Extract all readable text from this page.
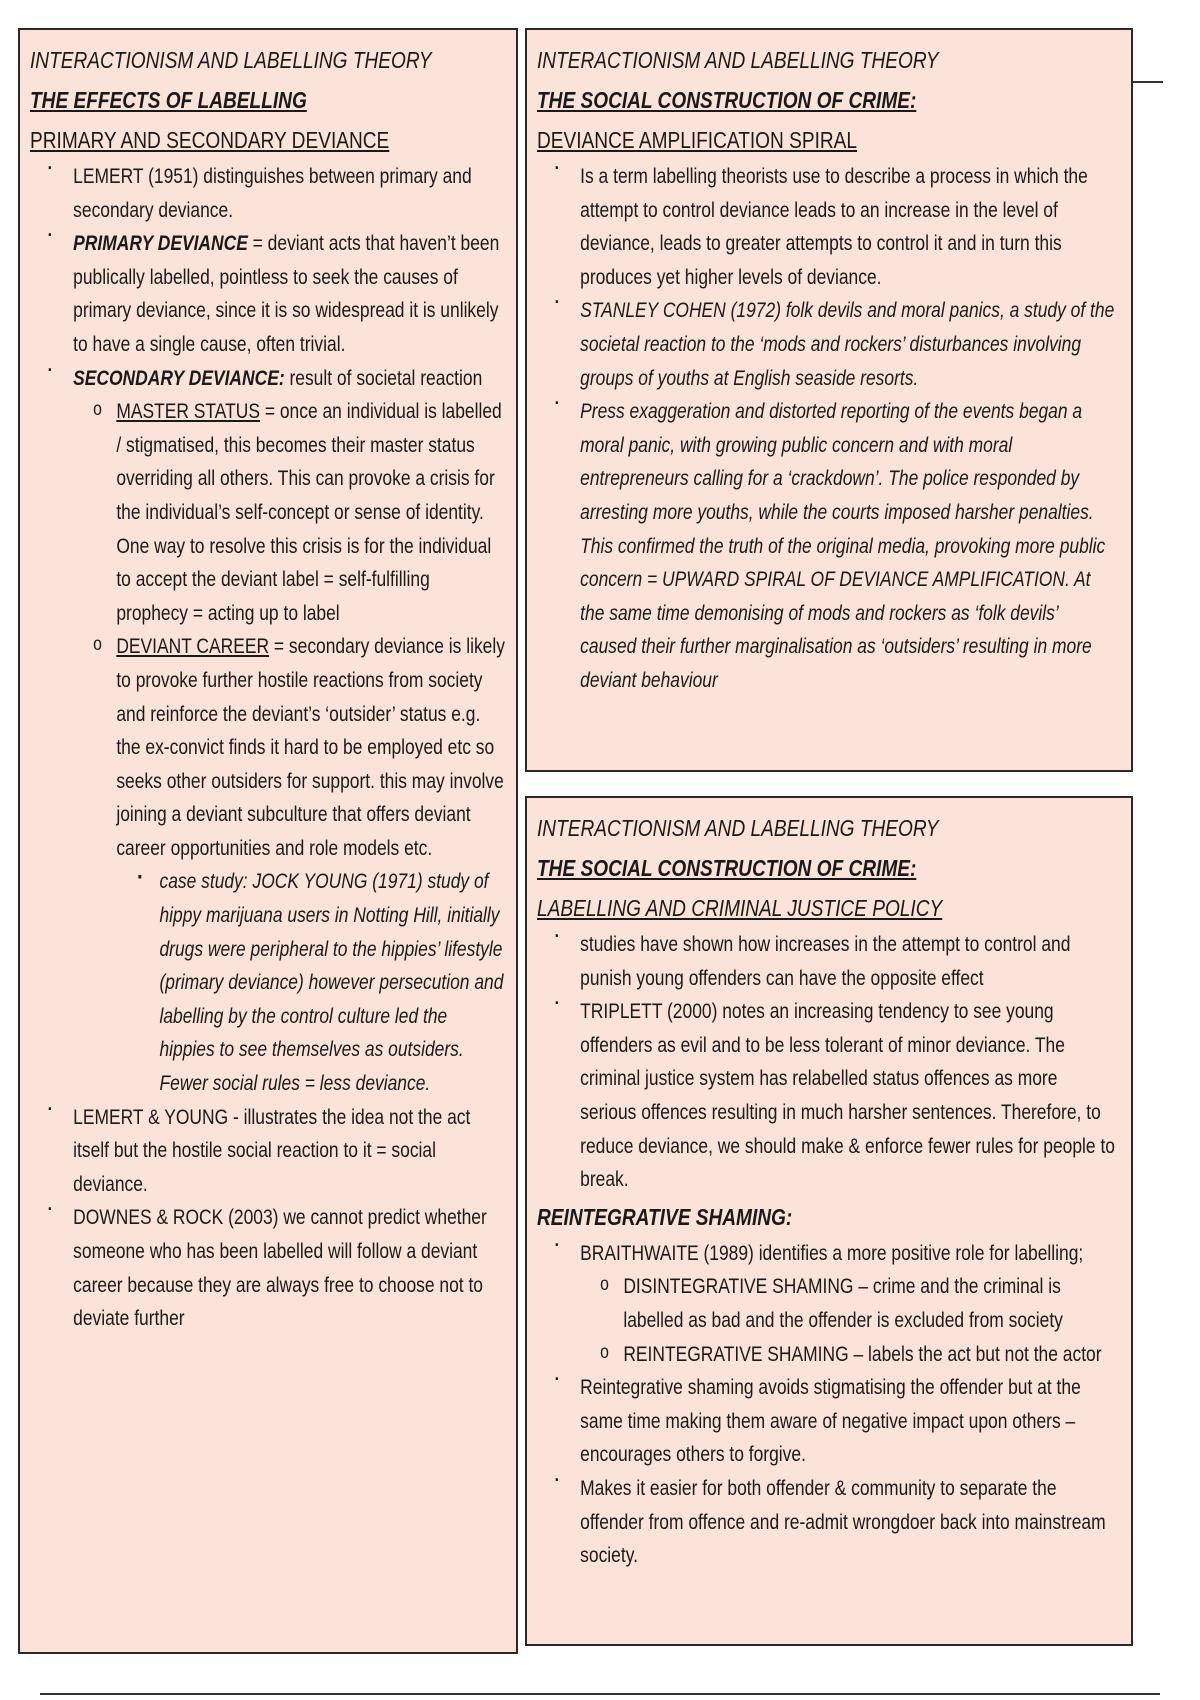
INTERACTIONISM AND LABELLING THEORY
THE EFFECTS OF LABELLING
PRIMARY AND SECONDARY DEVIANCE
▪ LEMERT (1951) distinguishes between primary and secondary deviance.
▪ PRIMARY DEVIANCE = deviant acts that haven’t been publically labelled, pointless to seek the causes of primary deviance, since it is so widespread it is unlikely to have a single cause, often trivial.
▪ SECONDARY DEVIANCE: result of societal reaction
o MASTER STATUS = once an individual is labelled / stigmatised, this becomes their master status overriding all others. This can provoke a crisis for the individual’s self-concept or sense of identity. One way to resolve this crisis is for the individual to accept the deviant label = self-fulfilling prophecy = acting up to label
o DEVIANT CAREER = secondary deviance is likely to provoke further hostile reactions from society and reinforce the deviant’s ‘outsider’ status e.g. the ex-convict finds it hard to be employed etc so seeks other outsiders for support. this may involve joining a deviant subculture that offers deviant career opportunities and role models etc.
▪ case study: JOCK YOUNG (1971) study of hippy marijuana users in Notting Hill, initially drugs were peripheral to the hippies’ lifestyle (primary deviance) however persecution and labelling by the control culture led the hippies to see themselves as outsiders. Fewer social rules = less deviance.
▪ LEMERT & YOUNG - illustrates the idea not the act itself but the hostile social reaction to it = social deviance.
▪ DOWNES & ROCK (2003) we cannot predict whether someone who has been labelled will follow a deviant career because they are always free to choose not to deviate further
INTERACTIONISM AND LABELLING THEORY
THE SOCIAL CONSTRUCTION OF CRIME:
DEVIANCE AMPLIFICATION SPIRAL
▪ Is a term labelling theorists use to describe a process in which the attempt to control deviance leads to an increase in the level of deviance, leads to greater attempts to control it and in turn this produces yet higher levels of deviance.
▪ STANLEY COHEN (1972) folk devils and moral panics, a study of the societal reaction to the ‘mods and rockers’ disturbances involving groups of youths at English seaside resorts.
▪ Press exaggeration and distorted reporting of the events began a moral panic, with growing public concern and with moral entrepreneurs calling for a ‘crackdown’. The police responded by arresting more youths, while the courts imposed harsher penalties. This confirmed the truth of the original media, provoking more public concern = UPWARD SPIRAL OF DEVIANCE AMPLIFICATION. At the same time demonising of mods and rockers as ‘folk devils’ caused their further marginalisation as ‘outsiders’ resulting in more deviant behaviour
INTERACTIONISM AND LABELLING THEORY
THE SOCIAL CONSTRUCTION OF CRIME:
LABELLING AND CRIMINAL JUSTICE POLICY
▪ studies have shown how increases in the attempt to control and punish young offenders can have the opposite effect
▪ TRIPLETT (2000) notes an increasing tendency to see young offenders as evil and to be less tolerant of minor deviance. The criminal justice system has relabelled status offences as more serious offences resulting in much harsher sentences. Therefore, to reduce deviance, we should make & enforce fewer rules for people to break.
REINTEGRATIVE SHAMING:
▪ BRAITHWAITE (1989) identifies a more positive role for labelling;
o DISINTEGRATIVE SHAMING – crime and the criminal is labelled as bad and the offender is excluded from society
o REINTEGRATIVE SHAMING – labels the act but not the actor
▪ Reintegrative shaming avoids stigmatising the offender but at the same time making them aware of negative impact upon others – encourages others to forgive.
▪ Makes it easier for both offender & community to separate the offender from offence and re-admit wrongdoer back into mainstream society.
